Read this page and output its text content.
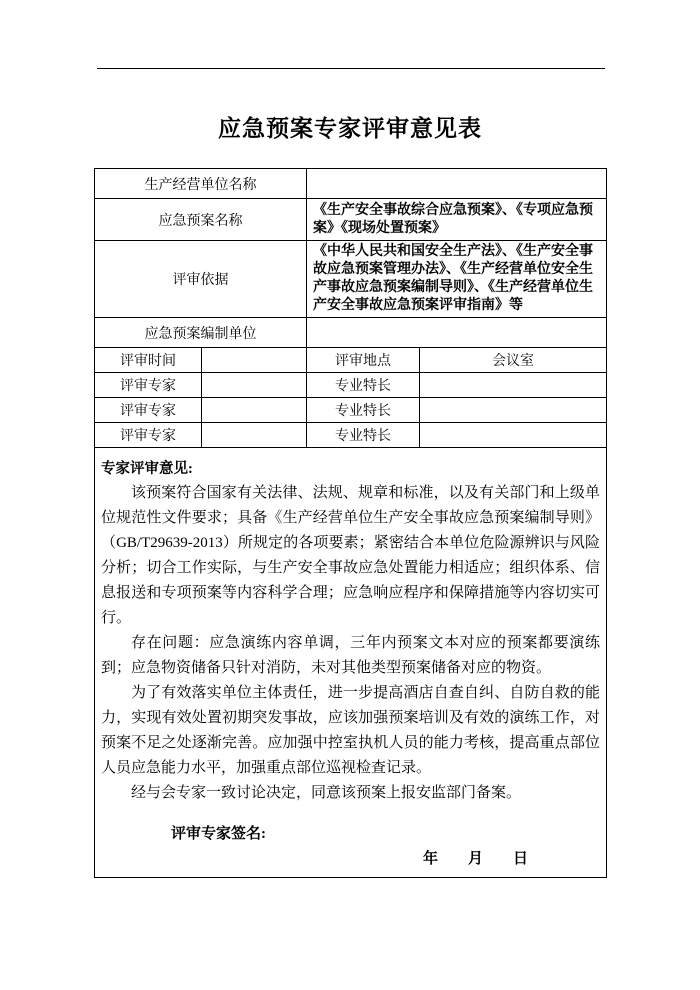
应急预案专家评审意见表
生产经营单位名称			
应急预案名称		《生产安全事故综合应急预案》、《专项应急预案》《现场处置预案》	
评审依据		《中华人民共和国安全生产法》、《生产安全事故应急预案管理办法》、《生产经营单位安全生产事故应急预案编制导则》、《生产经营单位生产安全事故应急预案评审指南》等	
应急预案编制单位			
评审时间		评审地点	会议室
评审专家		专业特长	
评审专家		专业特长	
评审专家		专业特长	

专家评审意见:

该预案符合国家有关法律、法规、规章和标准，以及有关部门和上级单位规范性文件要求；具备《生产经营单位生产安全事故应急预案编制导则》（GB/T29639-2013）所规定的各项要素；紧密结合本单位危险源辨识与风险分析；切合工作实际，与生产安全事故应急处置能力相适应；组织体系、信息报送和专项预案等内容科学合理；应急响应程序和保障措施等内容切实可行。

存在问题：应急演练内容单调，三年内预案文本对应的预案都要演练到；应急物资储备只针对消防，未对其他类型预案储备对应的物资。

为了有效落实单位主体责任，进一步提高酒店自查自纠、自防自救的能力，实现有效处置初期突发事故，应该加强预案培训及有效的演练工作，对预案不足之处逐渐完善。应加强中控室执机人员的能力考核，提高重点部位人员应急能力水平，加强重点部位巡视检查记录。

经与会专家一致讨论决定，同意该预案上报安监部门备案。

评审专家签名:
年　　月　　日
